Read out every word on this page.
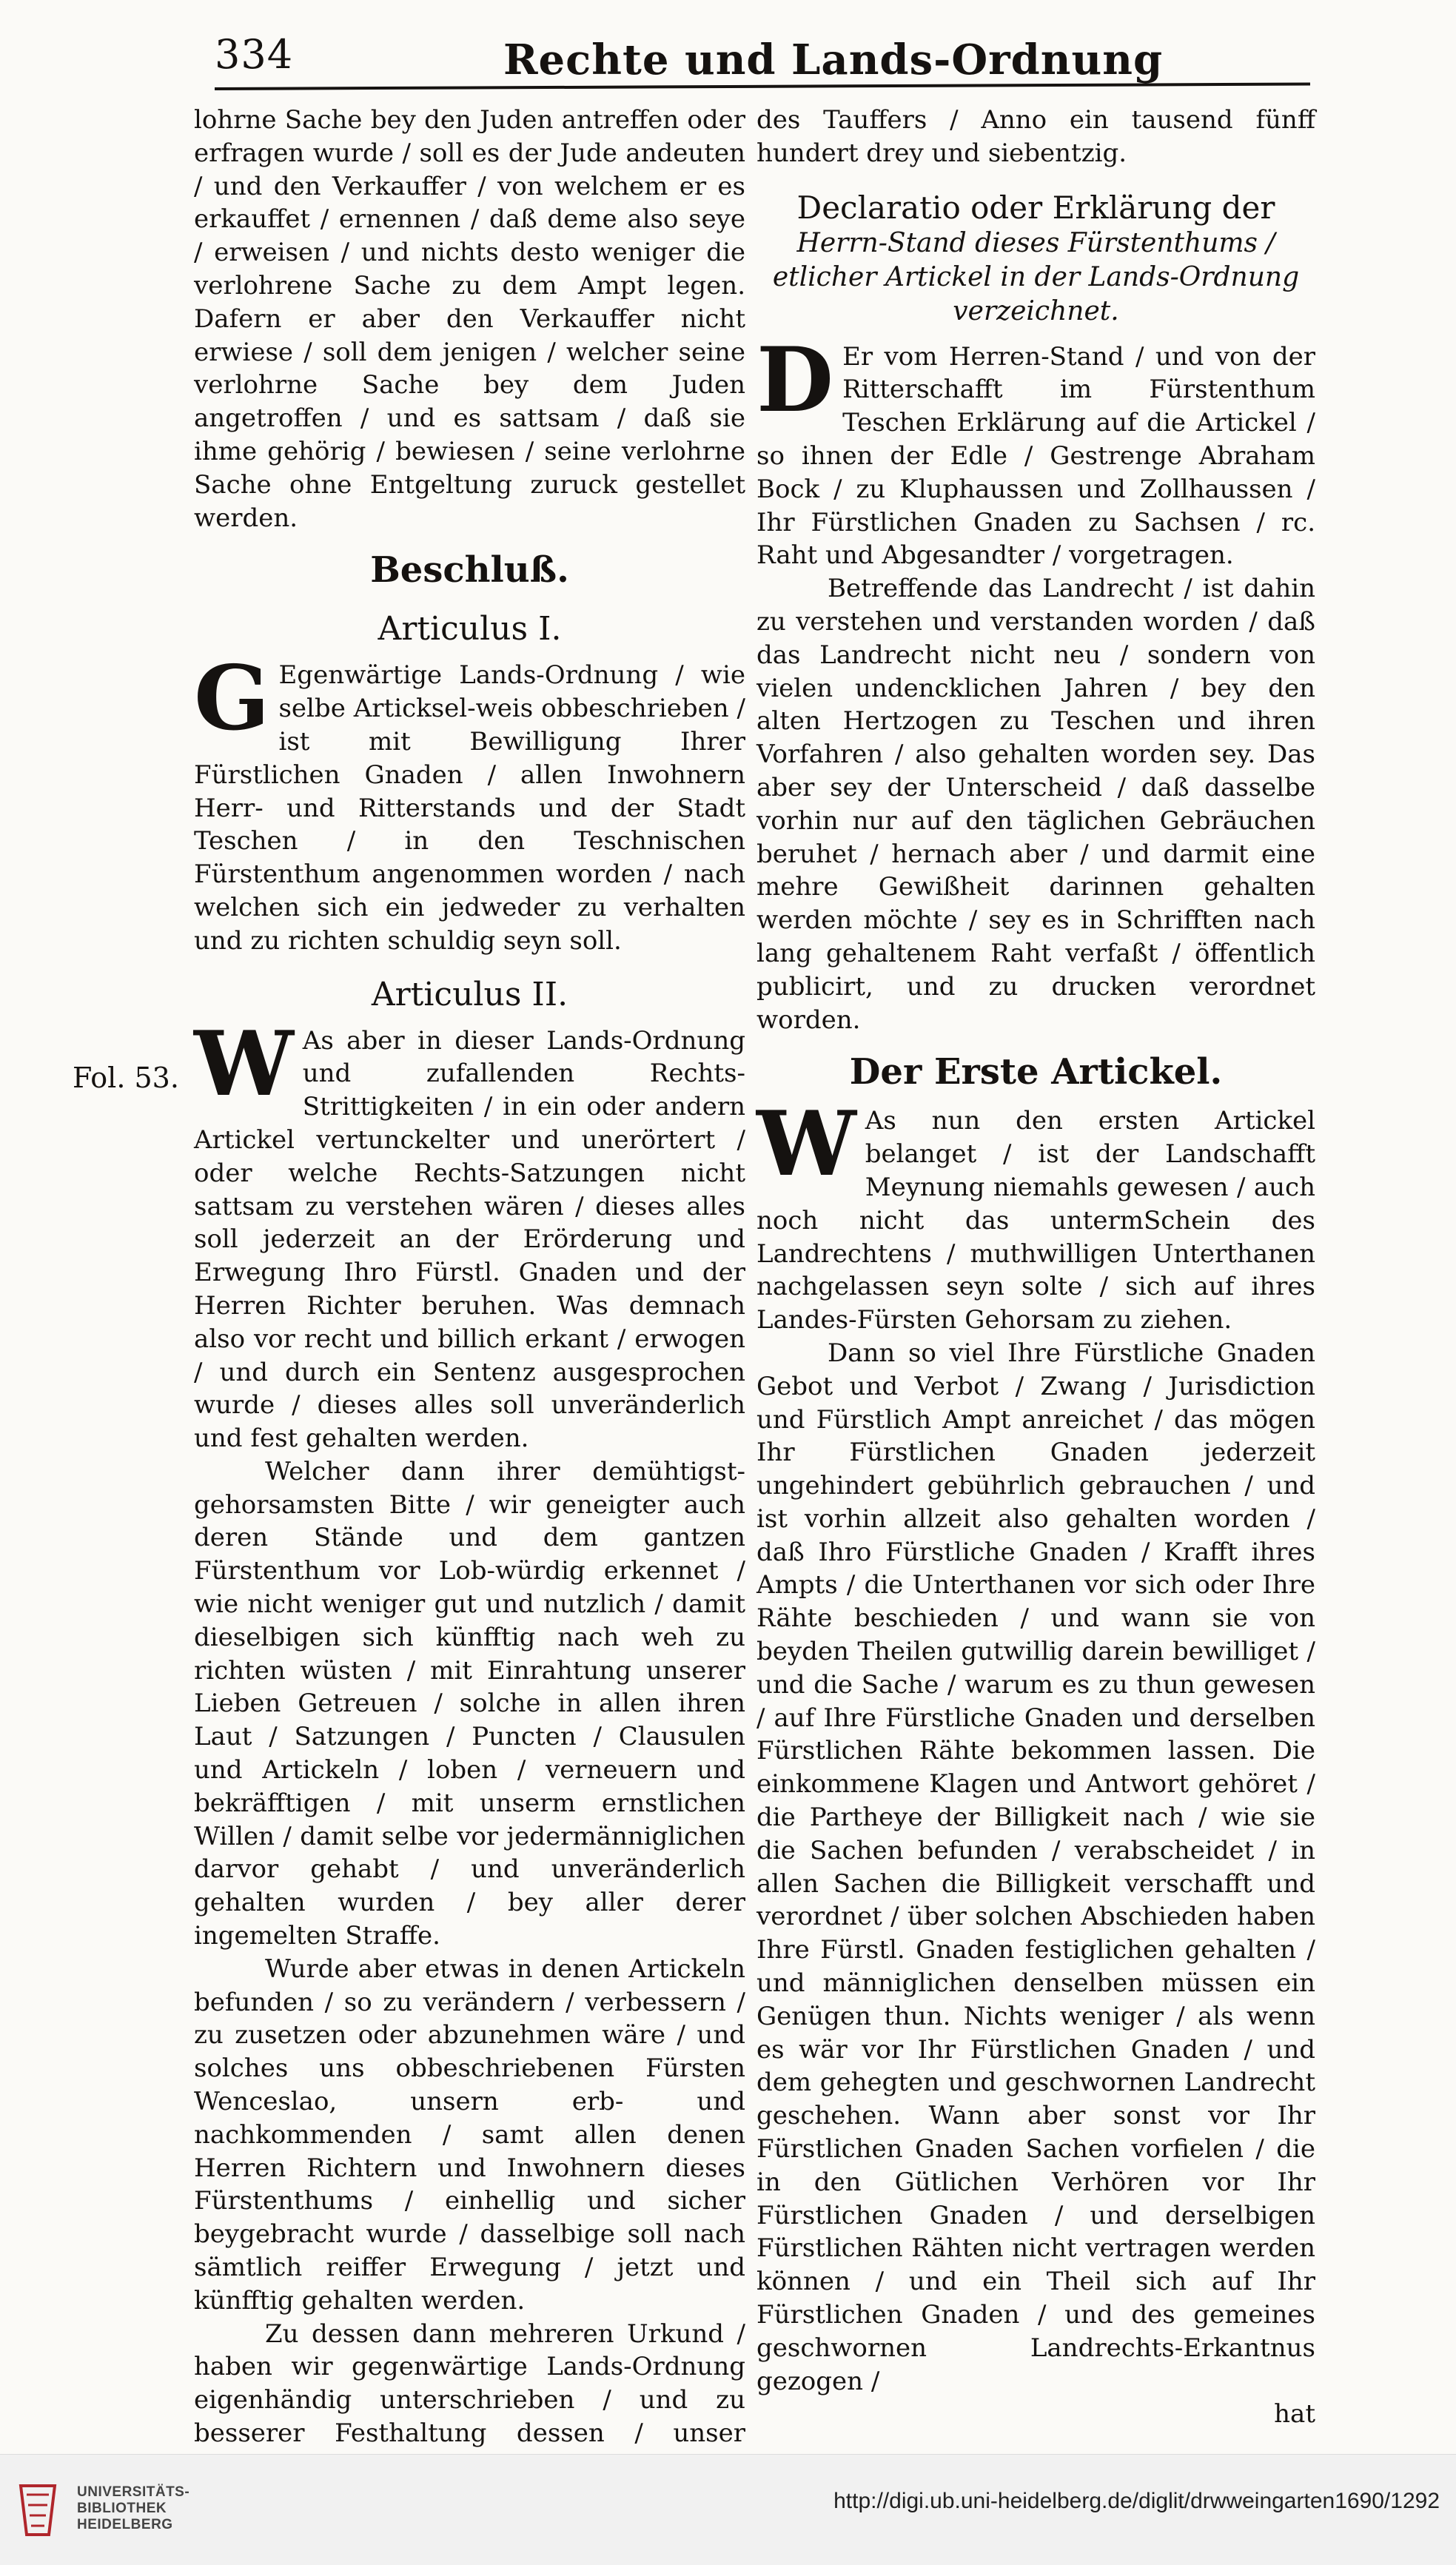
334	Rechte und Lands-Ordnung
Fol. 53.

lohrne Sache bey den Juden antreffen oder erfragen wurde / soll es der Jude andeuten / und den Verkauffer / von welchem er es erkauffet / ernennen / daß deme also seye / erweisen / und nichts desto weniger die verlohrene Sache zu dem Ampt legen. Dafern er aber den Verkauffer nicht erwiese / soll dem jenigen / welcher seine verlohrne Sache bey dem Juden angetroffen / und es sattsam / daß sie ihme gehörig / bewiesen / seine verlohrne Sache ohne Entgeltung zuruck gestellet werden.

Beschluß.
Articulus I.

G Egenwärtige Lands-Ordnung / wie selbe Articksel-weis obbeschrieben / ist mit Bewilligung Ihrer Fürstlichen Gnaden / allen Inwohnern Herr- und Ritterstands und der Stadt Teschen / in den Teschnischen Fürstenthum angenommen worden / nach welchen sich ein jedweder zu verhalten und zu richten schuldig seyn soll.

Articulus II.

W As aber in dieser Lands-Ordnung und zufallenden Rechts-Strittigkeiten / in ein oder andern Artickel vertunckelter und unerörtert / oder welche Rechts-Satzungen nicht sattsam zu verstehen wären / dieses alles soll jederzeit an der Erörderung und Erwegung Ihro Fürstl. Gnaden und der Herren Richter beruhen. Was demnach also vor recht und billich erkant / erwogen / und durch ein Sentenz ausgesprochen wurde / dieses alles soll unveränderlich und fest gehalten werden.

Welcher dann ihrer demühtigst-gehorsamsten Bitte / wir geneigter auch deren Stände und dem gantzen Fürstenthum vor Lob-würdig erkennet / wie nicht weniger gut und nutzlich / damit dieselbigen sich künfftig nach weh zu richten wüsten / mit Einrahtung unserer Lieben Getreuen / solche in allen ihren Laut / Satzungen / Puncten / Clausulen und Artickeln / loben / verneuern und bekräfftigen / mit unserm ernstlichen Willen / damit selbe vor jedermänniglichen darvor gehabt / und unveränderlich gehalten wurden / bey aller derer ingemelten Straffe.

Wurde aber etwas in denen Artickeln befunden / so zu verändern / verbessern / zu zusetzen oder abzunehmen wäre / und solches uns obbeschriebenen Fürsten Wenceslao, unsern erb- und nachkommenden / samt allen denen Herren Richtern und Inwohnern dieses Fürstenthums / einhellig und sicher beygebracht wurde / dasselbige soll nach sämtlich reiffer Erwegung / jetzt und künfftig gehalten werden.

Zu dessen dann mehreren Urkund / haben wir gegenwärtige Lands-Ordnung eigenhändig unterschrieben / und zu besserer Festhaltung dessen / unser

des Tauffers / Anno ein tausend fünff hundert drey und siebentzig.

Declaratio oder Erklärung der
Herrn-Stand dieses Fürstenthums / etlicher Artickel in der Lands-Ordnung verzeichnet.

D Er vom Herren-Stand / und von der Ritterschafft im Fürstenthum Teschen Erklärung auf die Artickel / so ihnen der Edle / Gestrenge Abraham Bock / zu Kluphaussen und Zollhaussen / Ihr Fürstlichen Gnaden zu Sachsen / rc. Raht und Abgesandter / vorgetragen.

Betreffende das Landrecht / ist dahin zu verstehen und verstanden worden / daß das Landrecht nicht neu / sondern von vielen undencklichen Jahren / bey den alten Hertzogen zu Teschen und ihren Vorfahren / also gehalten worden sey. Das aber sey der Unterscheid / daß dasselbe vorhin nur auf den täglichen Gebräuchen beruhet / hernach aber / und darmit eine mehre Gewißheit darinnen gehalten werden möchte / sey es in Schrifften nach lang gehaltenem Raht verfaßt / öffentlich publicirt, und zu drucken verordnet worden.

Der Erste Artickel.

W As nun den ersten Artickel belanget / ist der Landschafft Meynung niemahls gewesen / auch noch nicht das untermSchein des Landrechtens / muthwilligen Unterthanen nachgelassen seyn solte / sich auf ihres Landes-Fürsten Gehorsam zu ziehen.

Dann so viel Ihre Fürstliche Gnaden Gebot und Verbot / Zwang / Jurisdiction und Fürstlich Ampt anreichet / das mögen Ihr Fürstlichen Gnaden jederzeit ungehindert gebührlich gebrauchen / und ist vorhin allzeit also gehalten worden / daß Ihro Fürstliche Gnaden / Krafft ihres Ampts / die Unterthanen vor sich oder Ihre Rähte beschieden / und wann sie von beyden Theilen gutwillig darein bewilliget / und die Sache / warum es zu thun gewesen / auf Ihre Fürstliche Gnaden und derselben Fürstlichen Rähte bekommen lassen. Die einkommene Klagen und Antwort gehöret / die Partheye der Billigkeit nach / wie sie die Sachen befunden / verabscheidet / in allen Sachen die Billigkeit verschafft und verordnet / über solchen Abschieden haben Ihre Fürstl. Gnaden festiglichen gehalten / und männiglichen denselben müssen ein Genügen thun. Nichts weniger / als wenn es wär vor Ihr Fürstlichen Gnaden / und dem gehegten und geschwornen Landrecht geschehen. Wann aber sonst vor Ihr Fürstlichen Gnaden Sachen vorfielen / die in den Gütlichen Verhören vor Ihr Fürstlichen Gnaden / und derselbigen Fürstlichen Rähten nicht vertragen werden können / und ein Theil sich auf Ihr Fürstlichen Gnaden / und des gemeines geschwornen Landrechts-Erkantnus gezogen /

hat
UNIVERSITÄTS-
BIBLIOTHEK
HEIDELBERG
http://digi.ub.uni-heidelberg.de/diglit/drwweingarten1690/1292
